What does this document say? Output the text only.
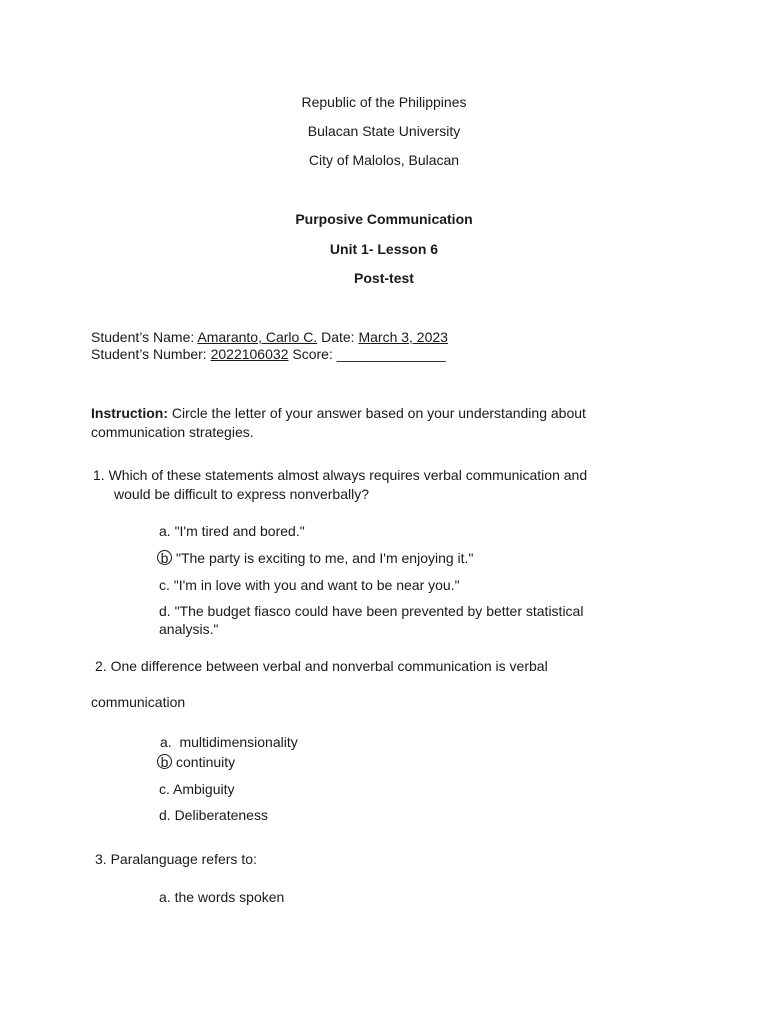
Republic of the Philippines
Bulacan State University
City of Malolos, Bulacan
Purposive Communication
Unit 1- Lesson 6
Post-test
Student’s Name: Amaranto, Carlo C. Date: March 3, 2023
Student’s Number: 2022106032 Score: ______________
Instruction: Circle the letter of your answer based on your understanding about
communication strategies.
1. Which of these statements almost always requires verbal communication and
would be difficult to express nonverbally?
a. "I'm tired and bored."
b "The party is exciting to me, and I'm enjoying it."
c. "I'm in love with you and want to be near you."
d. "The budget fiasco could have been prevented by better statistical
analysis."
2. One difference between verbal and nonverbal communication is verbal
communication
a.  multidimensionality
b continuity
c. Ambiguity
d. Deliberateness
3. Paralanguage refers to:
a. the words spoken
